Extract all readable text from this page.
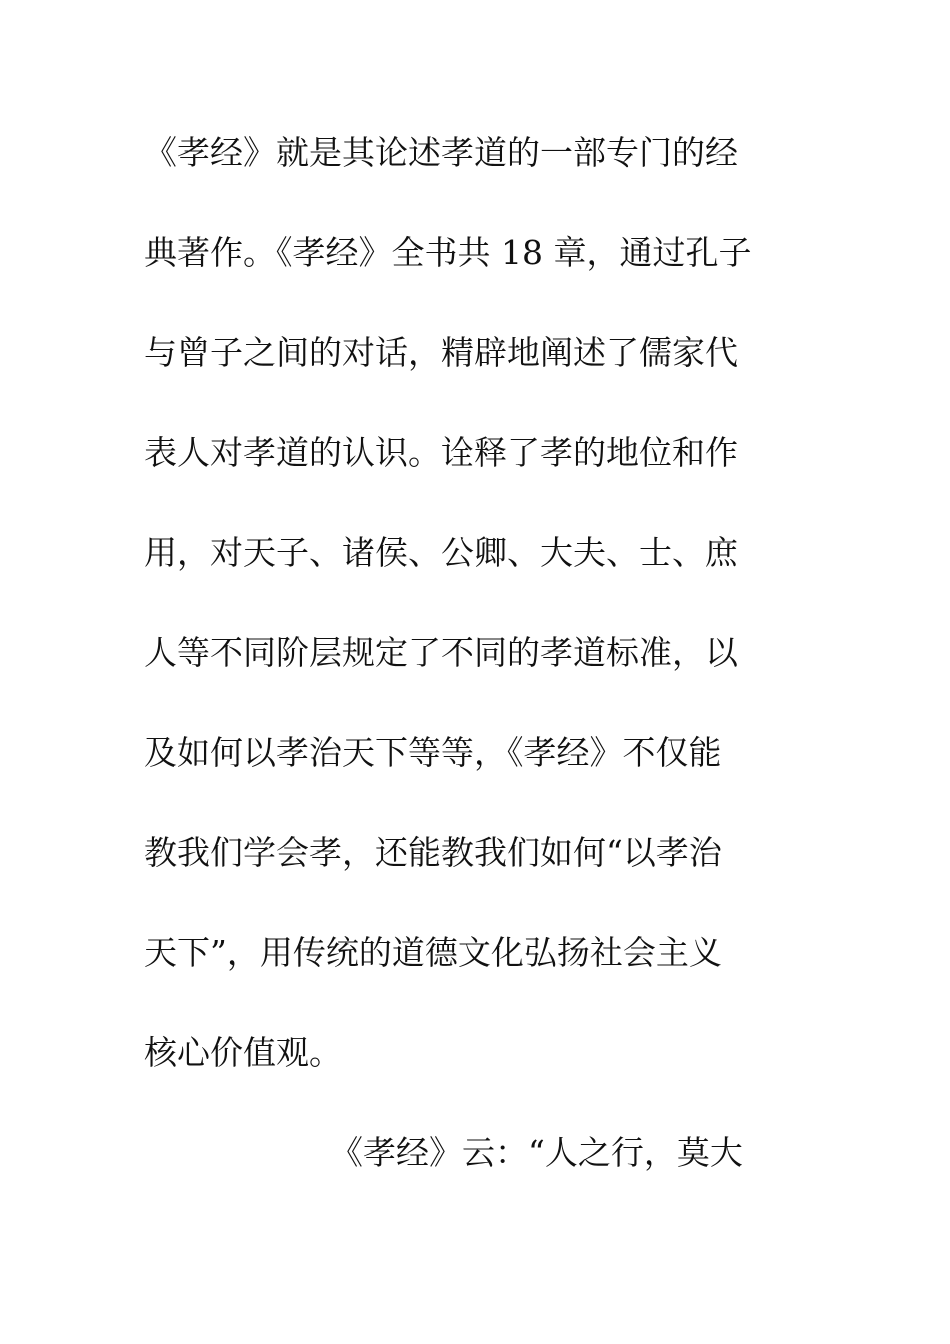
《孝经》就是其论述孝道的一部专门的经
典著作。《孝经》全书共 18 章，通过孔子
与曾子之间的对话，精辟地阐述了儒家代
表人对孝道的认识。诠释了孝的地位和作
用，对天子、诸侯、公卿、大夫、士、庶
人等不同阶层规定了不同的孝道标准，以
及如何以孝治天下等等，《孝经》不仅能
教我们学会孝，还能教我们如何“以孝治
天下”，用传统的道德文化弘扬社会主义
核心价值观。
《孝经》云：“人之行，莫大
